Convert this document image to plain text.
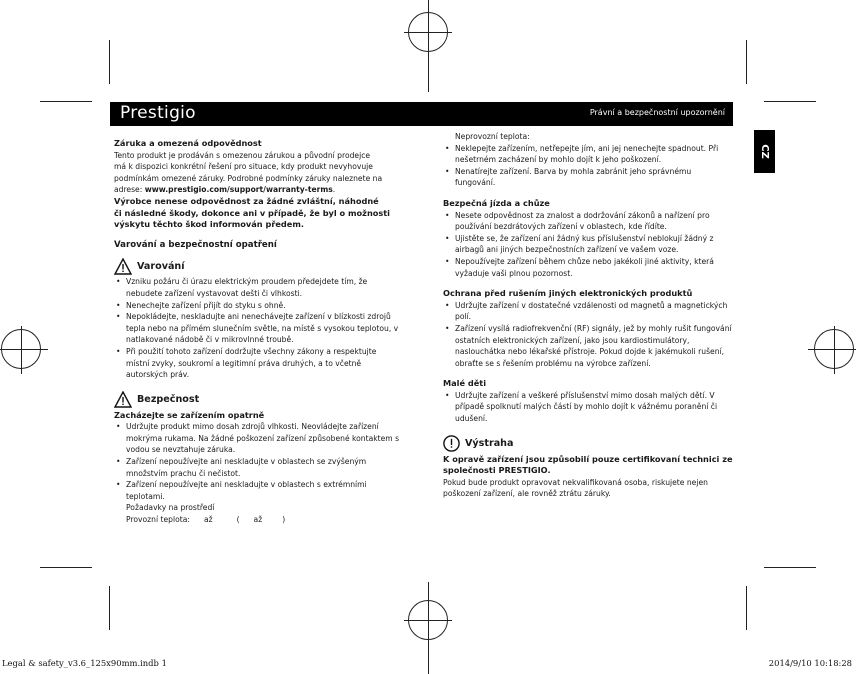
Prestigio	Právní a bezpečnostní upozornění
CZ

Záruka a omezená odpovědnost

Tento produkt je prodáván s omezenou zárukou a původní prodejce

má k dispozici konkrétní řešení pro situace, kdy produkt nevyhovuje

podmínkám omezené záruky. Podrobné podmínky záruky naleznete na

adrese: www.prestigio.com/support/warranty-terms.

Výrobce nenese odpovědnost za žádné zvláštní, náhodné

či následné škody, dokonce ani v případě, že byl o možnosti

výskytu těchto škod informován předem.

Varování a bezpečnostní opatření

Varování
• Vzniku požáru či úrazu elektrickým proudem předejdete tím, že
nebudete zařízení vystavovat dešti či vlhkosti.
• Nenechejte zařízení přijít do styku s ohně.
• Nepokládejte, neskladujte ani nenechávejte zařízení v blízkosti zdrojů
tepla nebo na přímém slunečním světle, na místě s vysokou teplotou, v
natlakované nádobě či v mikrovlnné troubě.
• Při použití tohoto zařízení dodržujte všechny zákony a respektujte
místní zvyky, soukromí a legitimní práva druhých, a to včetně
autorských práv.
Bezpečnost

Zacházejte se zařízením opatrně

• Udržujte produkt mimo dosah zdrojů vlhkosti. Neovládejte zařízení
mokrýma rukama. Na žádné poškození zařízení způsobené kontaktem s
vodou se nevztahuje záruka.
• Zařízení nepoužívejte ani neskladujte v oblastech se zvýšeným
množstvím prachu či nečistot.
• Zařízení nepoužívejte ani neskladujte v oblastech s extrémními
teplotami.

Požadavky na prostředí

Provozní teplota: až	( až	)

Neprovozní teplota:

• Neklepejte zařízením, netřepejte jím, ani jej nenechejte spadnout. Při
nešetrném zacházení by mohlo dojít k jeho poškození.
• Nenatírejte zařízení. Barva by mohla zabránit jeho správnému
fungování.

Bezpečná jízda a chůze

• Nesete odpovědnost za znalost a dodržování zákonů a nařízení pro
používání bezdrátových zařízení v oblastech, kde řídíte.
• Ujistěte se, že zařízení ani žádný kus příslušenství neblokují žádný z
airbagů ani jiných bezpečnostních zařízení ve vašem voze.
• Nepoužívejte zařízení během chůze nebo jakékoli jiné aktivity, která
vyžaduje vaši plnou pozornost.

Ochrana před rušením jiných elektronických produktů

• Udržujte zařízení v dostatečné vzdálenosti od magnetů a magnetických
polí.
• Zařízení vysílá radiofrekvenční (RF) signály, jež by mohly rušit fungování
ostatních elektronických zařízení, jako jsou kardiostimulátory,
naslouchátka nebo lékařské přístroje. Pokud dojde k jakémukoli rušení,
obraťte se s řešením problému na výrobce zařízení.

Malé děti

• Udržujte zařízení a veškeré příslušenství mimo dosah malých dětí. V
případě spolknutí malých částí by mohlo dojít k vážnému poranění či
udušení.
Výstraha

K opravě zařízení jsou způsobilí pouze certifikovaní technici ze

společnosti PRESTIGIO.

Pokud bude produkt opravovat nekvalifikovaná osoba, riskujete nejen

poškození zařízení, ale rovněž ztrátu záruky.

Legal & safety_v3.6_125x90mm.indb 1	2014/9/10 10:18:28
